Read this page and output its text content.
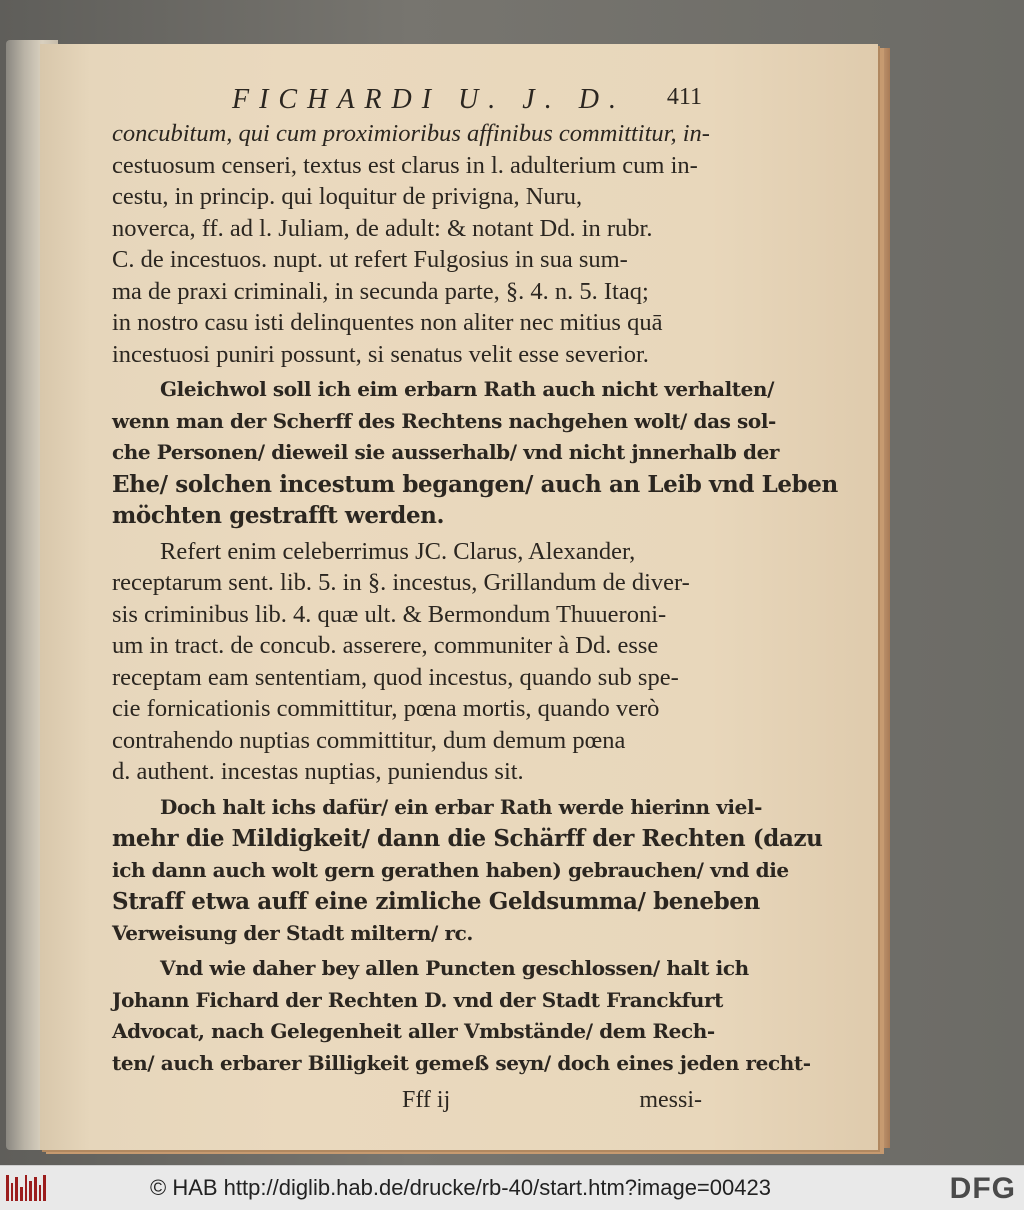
FICHARDI U. J. D. 411
concubitum, qui cum proximioribus affinibus committitur, in-
cestuosum censeri, textus est clarus in l. adulterium cum in-
cestu, in princip. qui loquitur de privigna, Nuru,
noverca, ff. ad l. Juliam, de adult: & notant Dd. in rubr.
C. de incestuos. nupt. ut refert Fulgosius in sua sum-
ma de praxi criminali, in secunda parte, §. 4. n. 5. Itaq;
in nostro casu isti delinquentes non aliter nec mitius quā
incestuosi puniri possunt, si senatus velit esse severior.
Gleichwol soll ich eim erbarn Rath auch nicht verhalten/
wenn man der Scherff des Rechtens nachgehen wolt/ das sol-
che Personen/ dieweil sie ausserhalb/ vnd nicht jnnerhalb der
Ehe/ solchen incestum begangen/ auch an Leib vnd Leben
möchten gestrafft werden.
Refert enim celeberrimus JC. Clarus, Alexander,
receptarum sent. lib. 5. in §. incestus, Grillandum de diver-
sis criminibus lib. 4. quæ ult. & Bermondum Thuueroni-
um in tract. de concub. asserere, communiter à Dd. esse
receptam eam sententiam, quod incestus, quando sub spe-
cie fornicationis committitur, pœna mortis, quando verò
contrahendo nuptias committitur, dum demum pœna
d. authent. incestas nuptias, puniendus sit.
Doch halt ichs dafür/ ein erbar Rath werde hierinn viel-
mehr die Mildigkeit/ dann die Schärff der Rechten (dazu
ich dann auch wolt gern gerathen haben) gebrauchen/ vnd die
Straff etwa auff eine zimliche Geldsumma/ beneben
Verweisung der Stadt miltern/ rc.
Vnd wie daher bey allen Puncten geschlossen/ halt ich
Johann Fichard der Rechten D. vnd der Stadt Franckfurt
Advocat, nach Gelegenheit aller Vmbstände/ dem Rech-
ten/ auch erbarer Billigkeit gemeß seyn/ doch eines jeden recht-
Fff ij	messi-
© HAB http://diglib.hab.de/drucke/rb-40/start.htm?image=00423	DFG
